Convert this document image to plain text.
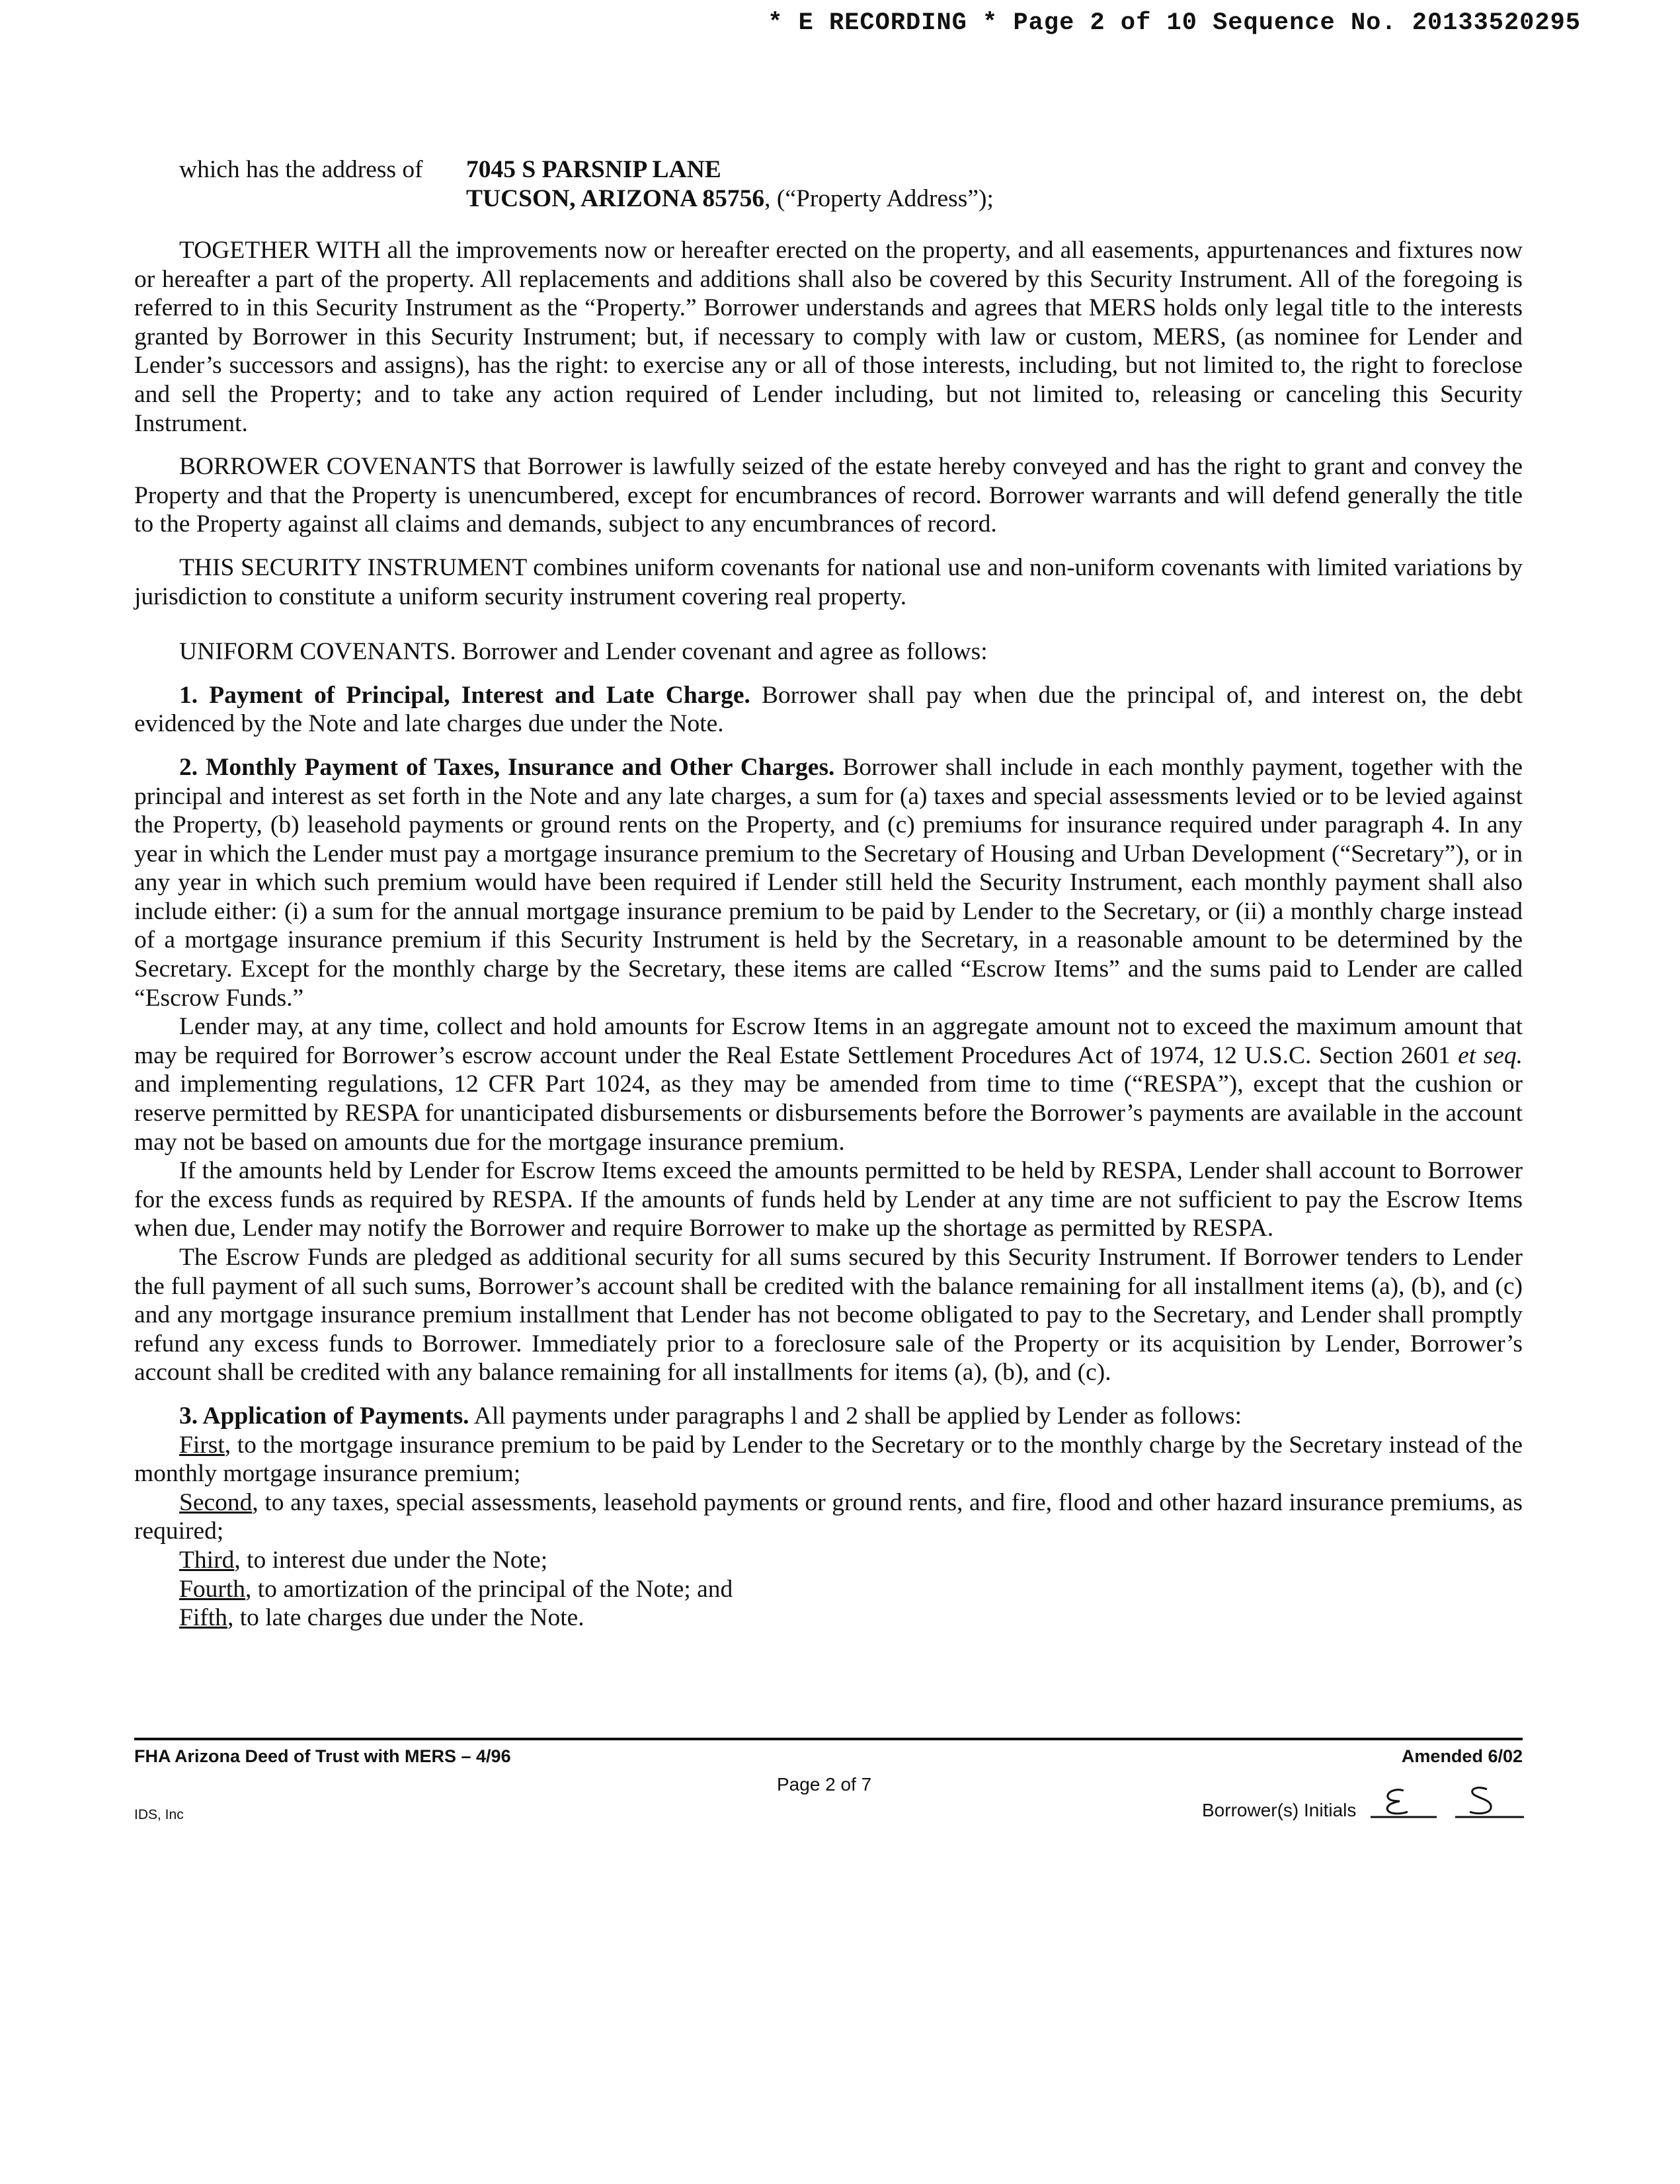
* E RECORDING * Page 2 of 10 Sequence No. 20133520295
which has the address of 7045 S PARSNIP LANE
TUCSON, ARIZONA 85756, (“Property Address”);

TOGETHER WITH all the improvements now or hereafter erected on the property, and all easements, appurtenances and fixtures now or hereafter a part of the property. All replacements and additions shall also be covered by this Security Instrument. All of the foregoing is referred to in this Security Instrument as the “Property.” Borrower understands and agrees that MERS holds only legal title to the interests granted by Borrower in this Security Instrument; but, if necessary to comply with law or custom, MERS, (as nominee for Lender and Lender’s successors and assigns), has the right: to exercise any or all of those interests, including, but not limited to, the right to foreclose and sell the Property; and to take any action required of Lender including, but not limited to, releasing or canceling this Security Instrument.

BORROWER COVENANTS that Borrower is lawfully seized of the estate hereby conveyed and has the right to grant and convey the Property and that the Property is unencumbered, except for encumbrances of record. Borrower warrants and will defend generally the title to the Property against all claims and demands, subject to any encumbrances of record.

THIS SECURITY INSTRUMENT combines uniform covenants for national use and non-uniform covenants with limited variations by jurisdiction to constitute a uniform security instrument covering real property.

UNIFORM COVENANTS. Borrower and Lender covenant and agree as follows:

1. Payment of Principal, Interest and Late Charge. Borrower shall pay when due the principal of, and interest on, the debt evidenced by the Note and late charges due under the Note.

2. Monthly Payment of Taxes, Insurance and Other Charges. Borrower shall include in each monthly payment, together with the principal and interest as set forth in the Note and any late charges, a sum for (a) taxes and special assessments levied or to be levied against the Property, (b) leasehold payments or ground rents on the Property, and (c) premiums for insurance required under paragraph 4. In any year in which the Lender must pay a mortgage insurance premium to the Secretary of Housing and Urban Development (“Secretary”), or in any year in which such premium would have been required if Lender still held the Security Instrument, each monthly payment shall also include either: (i) a sum for the annual mortgage insurance premium to be paid by Lender to the Secretary, or (ii) a monthly charge instead of a mortgage insurance premium if this Security Instrument is held by the Secretary, in a reasonable amount to be determined by the Secretary. Except for the monthly charge by the Secretary, these items are called “Escrow Items” and the sums paid to Lender are called “Escrow Funds.”

Lender may, at any time, collect and hold amounts for Escrow Items in an aggregate amount not to exceed the maximum amount that may be required for Borrower’s escrow account under the Real Estate Settlement Procedures Act of 1974, 12 U.S.C. Section 2601 et seq. and implementing regulations, 12 CFR Part 1024, as they may be amended from time to time (“RESPA”), except that the cushion or reserve permitted by RESPA for unanticipated disbursements or disbursements before the Borrower’s payments are available in the account may not be based on amounts due for the mortgage insurance premium.

If the amounts held by Lender for Escrow Items exceed the amounts permitted to be held by RESPA, Lender shall account to Borrower for the excess funds as required by RESPA. If the amounts of funds held by Lender at any time are not sufficient to pay the Escrow Items when due, Lender may notify the Borrower and require Borrower to make up the shortage as permitted by RESPA.

The Escrow Funds are pledged as additional security for all sums secured by this Security Instrument. If Borrower tenders to Lender the full payment of all such sums, Borrower’s account shall be credited with the balance remaining for all installment items (a), (b), and (c) and any mortgage insurance premium installment that Lender has not become obligated to pay to the Secretary, and Lender shall promptly refund any excess funds to Borrower. Immediately prior to a foreclosure sale of the Property or its acquisition by Lender, Borrower’s account shall be credited with any balance remaining for all installments for items (a), (b), and (c).

3. Application of Payments. All payments under paragraphs l and 2 shall be applied by Lender as follows:

First, to the mortgage insurance premium to be paid by Lender to the Secretary or to the monthly charge by the Secretary instead of the monthly mortgage insurance premium;
Second, to any taxes, special assessments, leasehold payments or ground rents, and fire, flood and other hazard insurance premiums, as required;
Third, to interest due under the Note;
Fourth, to amortization of the principal of the Note; and
Fifth, to late charges due under the Note.
FHA Arizona Deed of Trust with MERS – 4/96	Amended 6/02
Page 2 of 7
IDS, Inc	Borrower(s) Initials
